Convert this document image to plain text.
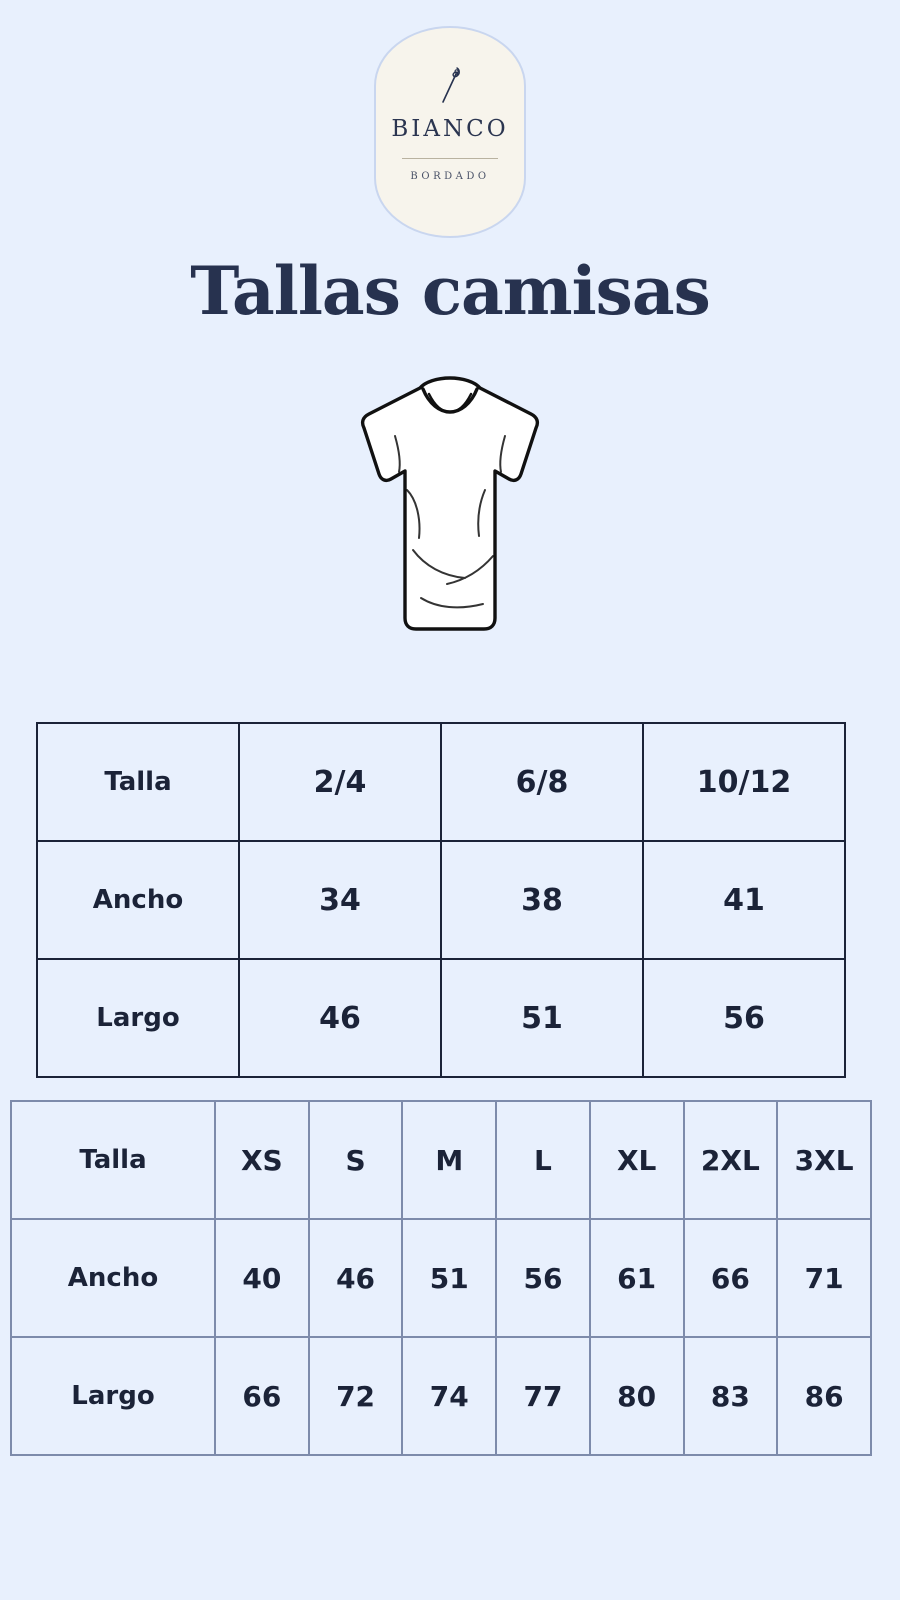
BIANCO
BORDADO
Tallas camisas
Talla	2/4	6/8	10/12
Ancho	34	38	41
Largo	46	51	56
Talla	XS	S	M	L	XL	2XL	3XL
Ancho	40	46	51	56	61	66	71
Largo	66	72	74	77	80	83	86
